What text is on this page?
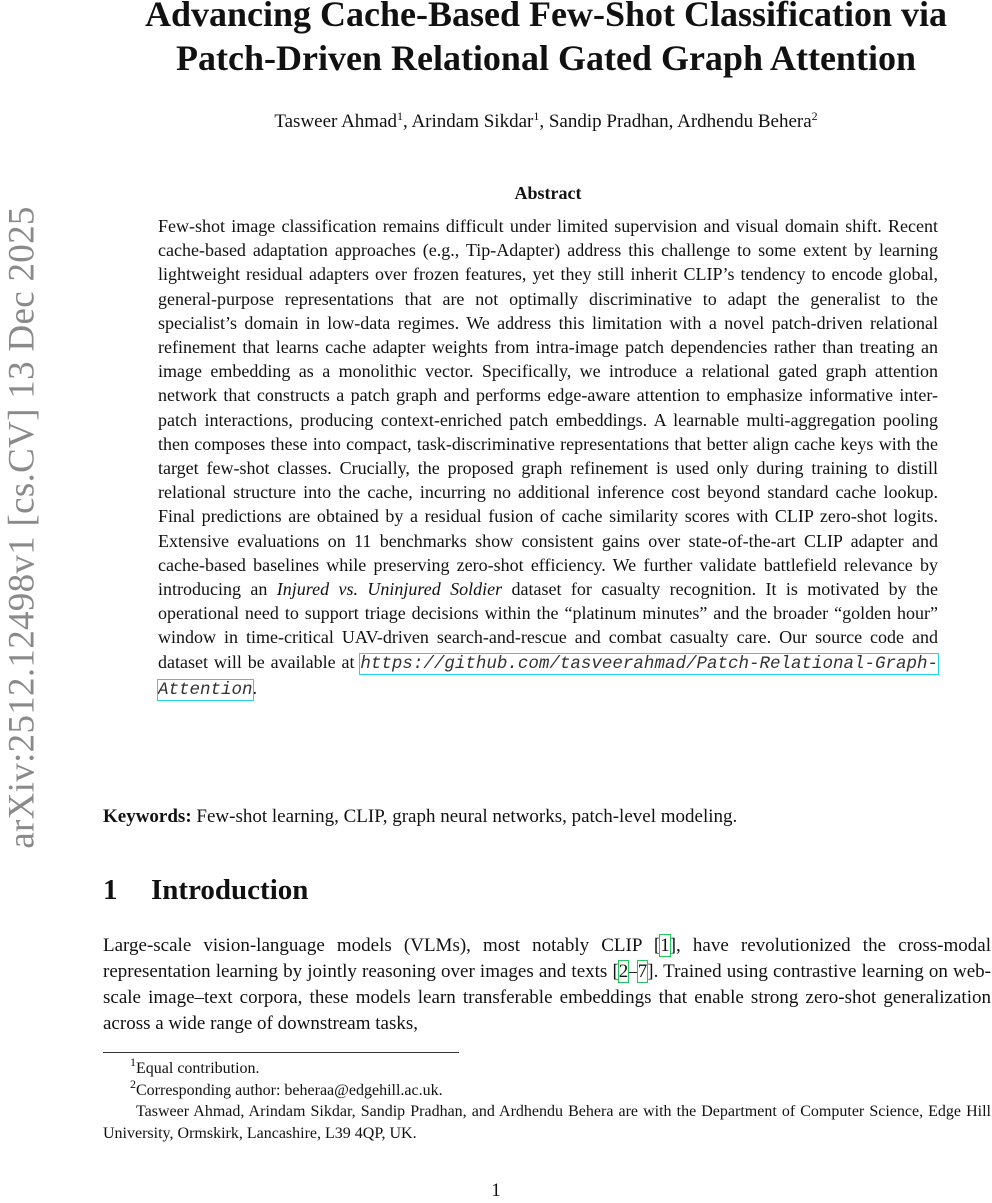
arXiv:2512.12498v1 [cs.CV] 13 Dec 2025
Advancing Cache-Based Few-Shot Classification via
Patch-Driven Relational Gated Graph Attention
Tasweer Ahmad$^1$, Arindam Sikdar$^1$, Sandip Pradhan, Ardhendu Behera$^2$
Abstract

Few-shot image classification remains difficult under limited supervision and visual domain shift. Recent cache-based adaptation approaches (e.g., Tip-Adapter) address this challenge to some extent by learning lightweight residual adapters over frozen features, yet they still inherit CLIP’s tendency to encode global, general-purpose representations that are not optimally discriminative to adapt the generalist to the specialist’s domain in low-data regimes. We address this limitation with a novel patch-driven relational refinement that learns cache adapter weights from intra-image patch dependencies rather than treating an image embedding as a monolithic vector. Specifically, we introduce a relational gated graph attention network that constructs a patch graph and performs edge-aware attention to emphasize informative inter-patch interactions, producing context-enriched patch embeddings. A learnable multi-aggregation pooling then composes these into compact, task-discriminative representations that better align cache keys with the target few-shot classes. Crucially, the proposed graph refinement is used only during training to distill relational structure into the cache, incurring no additional inference cost beyond standard cache lookup. Final predictions are obtained by a residual fusion of cache similarity scores with CLIP zero-shot logits. Extensive evaluations on 11 benchmarks show consistent gains over state-of-the-art CLIP adapter and cache-based baselines while preserving zero-shot efficiency. We further validate battlefield relevance by introducing an Injured vs. Uninjured Soldier dataset for casualty recognition. It is motivated by the operational need to support triage decisions within the “platinum minutes” and the broader “golden hour” window in time-critical UAV-driven search-and-rescue and combat casualty care. Our source code and dataset will be available at https://github.com/tasveerahmad/Patch-Relational-Graph-Attention.

Keywords: Few-shot learning, CLIP, graph neural networks, patch-level modeling.
1 Introduction

Large-scale vision-language models (VLMs), most notably CLIP [1], have revolutionized the cross-modal representation learning by jointly reasoning over images and texts [2–7]. Trained using contrastive learning on web-scale image–text corpora, these models learn transferable embeddings that enable strong zero-shot generalization across a wide range of downstream tasks,

$^1$Equal contribution.

$^2$Corresponding author: beheraa@edgehill.ac.uk.

Tasweer Ahmad, Arindam Sikdar, Sandip Pradhan, and Ardhendu Behera are with the Department of Computer Science, Edge Hill University, Ormskirk, Lancashire, L39 4QP, UK.

1
